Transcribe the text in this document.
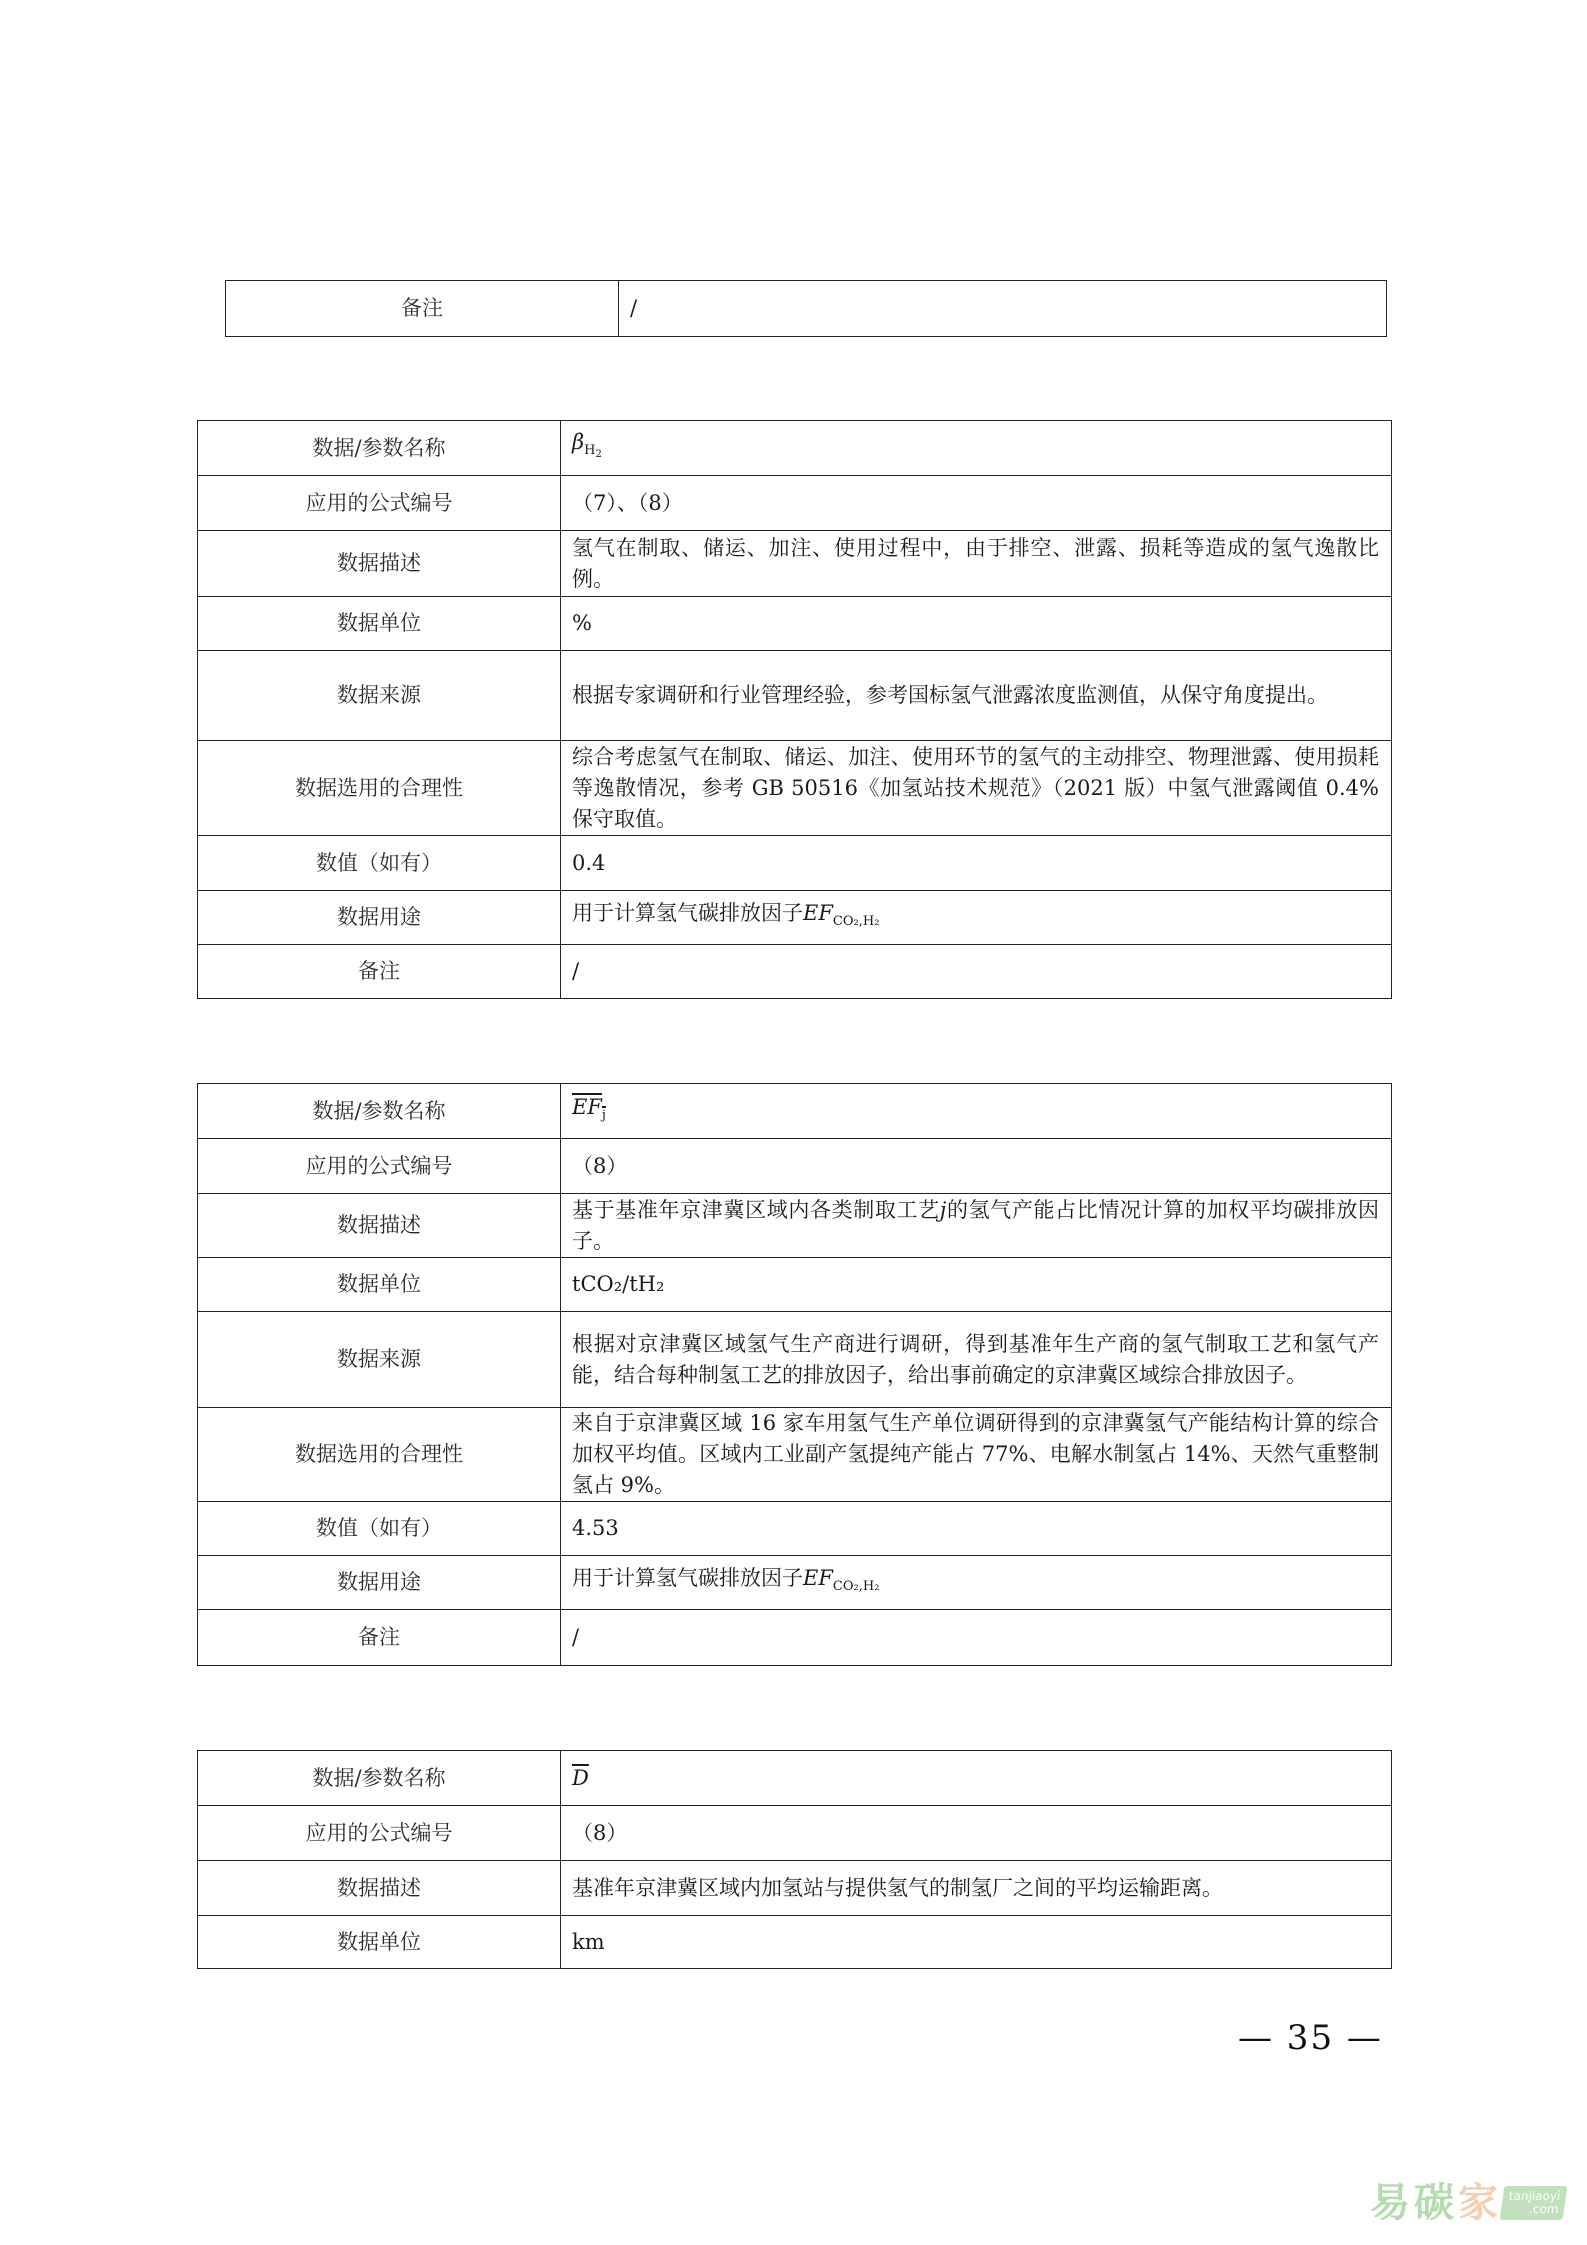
备注	/
数据/参数名称	$\beta_{H_2}$
应用的公式编号	（7）、（8）
数据描述	氢气在制取、储运、加注、使用过程中，由于排空、泄露、损耗等造成的氢气逸散比例。
数据单位	%
数据来源	根据专家调研和行业管理经验，参考国标氢气泄露浓度监测值，从保守角度提出。
数据选用的合理性	综合考虑氢气在制取、储运、加注、使用环节的氢气的主动排空、物理泄露、使用损耗等逸散情况，参考 GB 50516《加氢站技术规范》（2021 版）中氢气泄露阈值 0.4%保守取值。
数值（如有）	0.4
数据用途	用于计算氢气碳排放因子$EF_{CO_2,H_2}$
备注	/
数据/参数名称	$EF_j$
应用的公式编号	（8）
数据描述	基于基准年京津冀区域内各类制取工艺j的氢气产能占比情况计算的加权平均碳排放因子。
数据单位	tCO₂/tH₂
数据来源	根据对京津冀区域氢气生产商进行调研，得到基准年生产商的氢气制取工艺和氢气产能，结合每种制氢工艺的排放因子，给出事前确定的京津冀区域综合排放因子。
数据选用的合理性	来自于京津冀区域 16 家车用氢气生产单位调研得到的京津冀氢气产能结构计算的综合加权平均值。区域内工业副产氢提纯产能占 77%、电解水制氢占 14%、天然气重整制氢占 9%。
数值（如有）	4.53
数据用途	用于计算氢气碳排放因子$EF_{CO_2,H_2}$
备注	/
数据/参数名称	$\overline{D}$
应用的公式编号	（8）
数据描述	基准年京津冀区域内加氢站与提供氢气的制氢厂之间的平均运输距离。
数据单位	km
— 35 —
易 碳 家 tanjiaoyi
.com
